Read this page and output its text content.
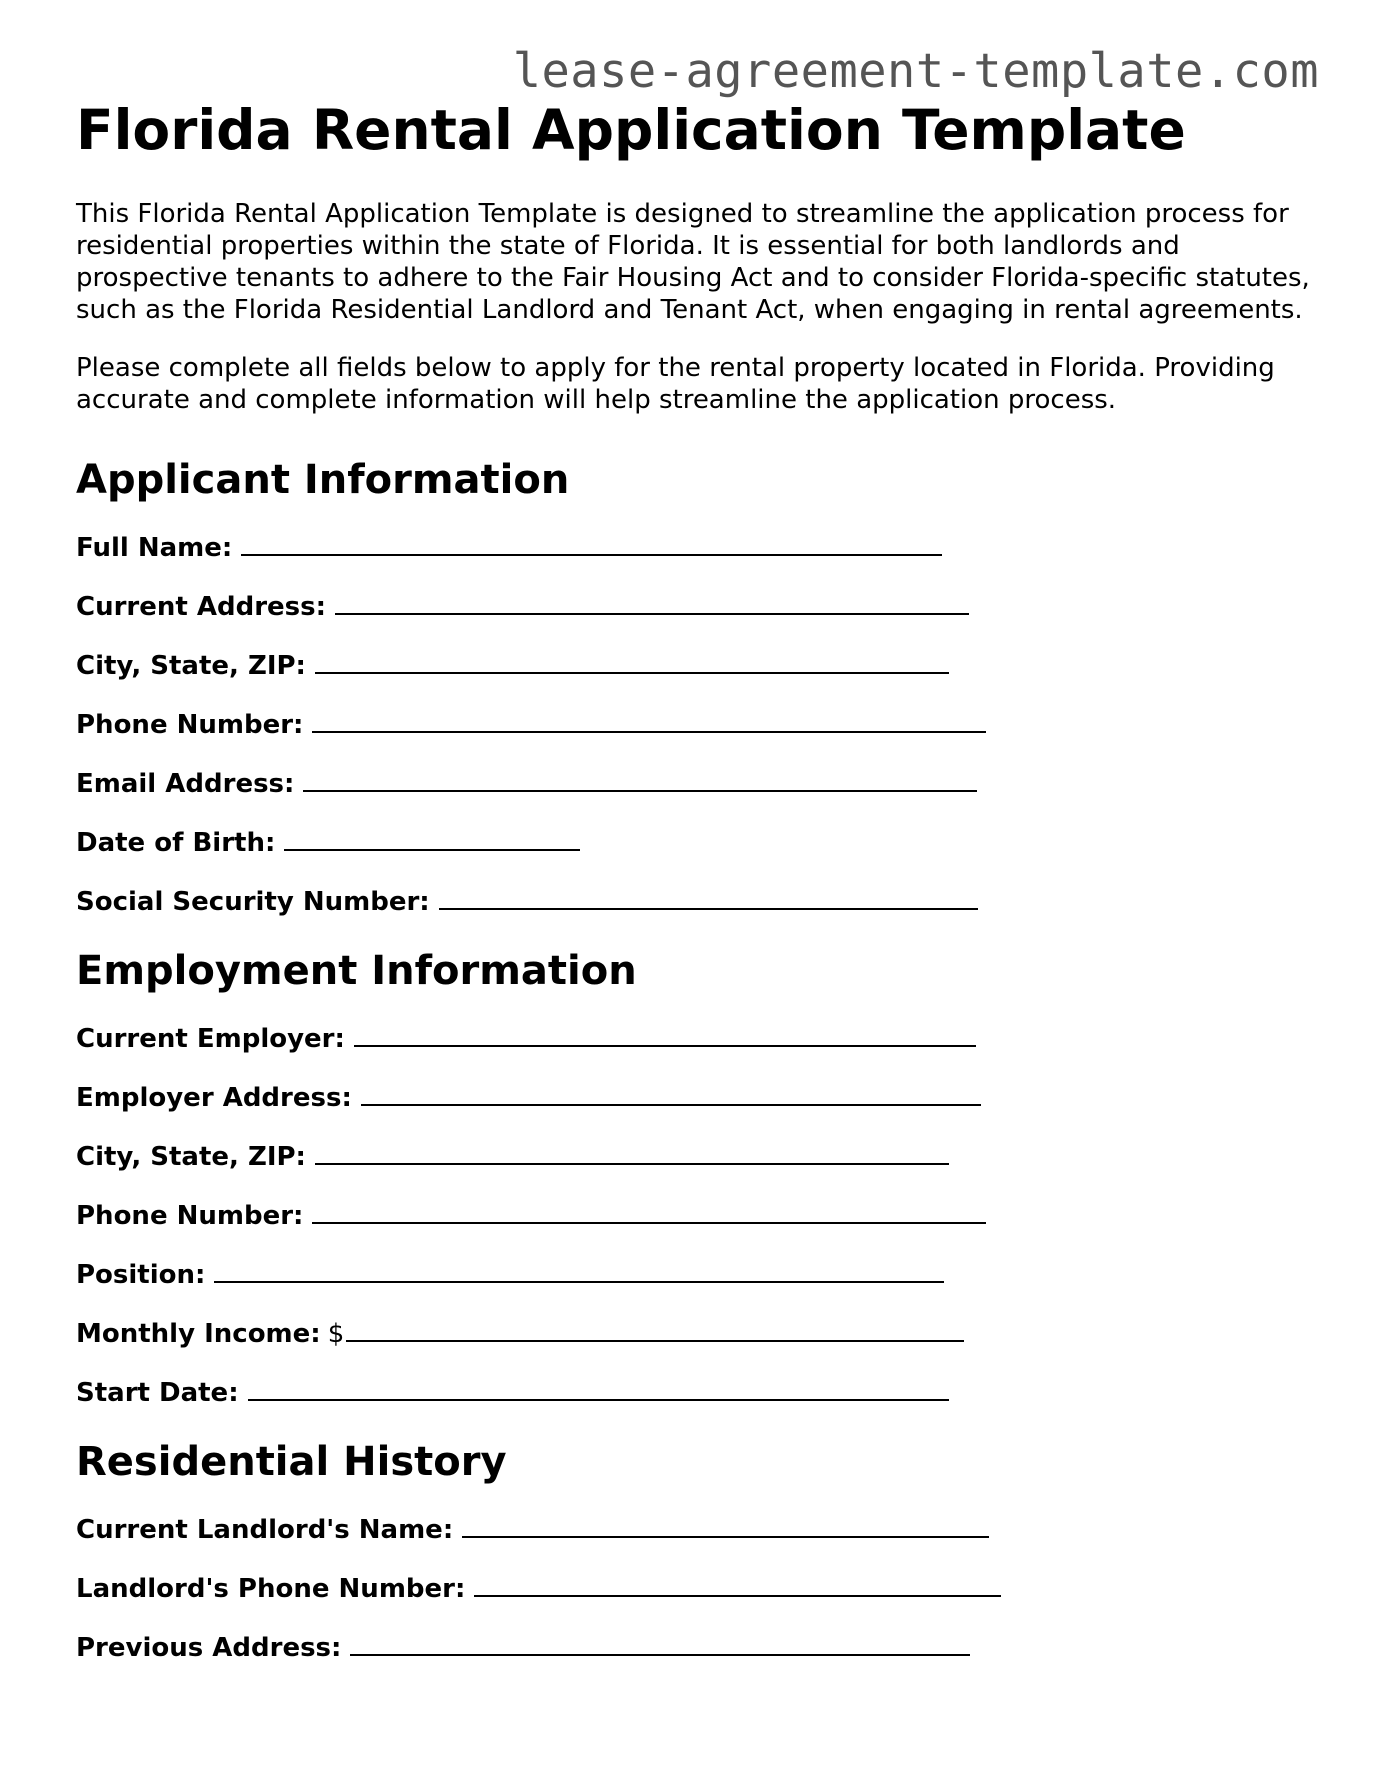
lease-agreement-template.com
Florida Rental Application Template

This Florida Rental Application Template is designed to streamline the application process for residential properties within the state of Florida. It is essential for both landlords and prospective tenants to adhere to the Fair Housing Act and to consider Florida-specific statutes, such as the Florida Residential Landlord and Tenant Act, when engaging in rental agreements.

Please complete all fields below to apply for the rental property located in Florida. Providing accurate and complete information will help streamline the application process.

Applicant Information
Full Name:
Current Address:
City, State, ZIP:
Phone Number:
Email Address:
Date of Birth:
Social Security Number:
Employment Information
Current Employer:
Employer Address:
City, State, ZIP:
Phone Number:
Position:
Monthly Income: $
Start Date:
Residential History
Current Landlord's Name:
Landlord's Phone Number:
Previous Address:
